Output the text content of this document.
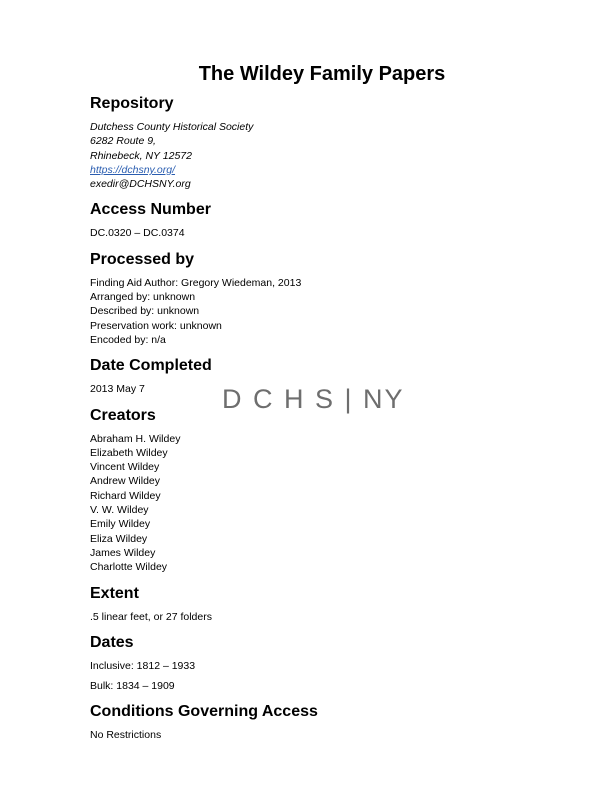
D C H S | NY
The Wildey Family Papers
Repository
Dutchess County Historical Society
6282 Route 9,
Rhinebeck, NY 12572
https://dchsny.org/
exedir@DCHSNY.org
Access Number
DC.0320 – DC.0374
Processed by
Finding Aid Author: Gregory Wiedeman, 2013
Arranged by: unknown
Described by: unknown
Preservation work: unknown
Encoded by: n/a
Date Completed
2013 May 7
Creators
Abraham H. Wildey
Elizabeth Wildey
Vincent Wildey
Andrew Wildey
Richard Wildey
V. W. Wildey
Emily Wildey
Eliza Wildey
James Wildey
Charlotte Wildey
Extent
.5 linear feet, or 27 folders
Dates

Inclusive: 1812 – 1933

Bulk: 1834 – 1909

Conditions Governing Access
No Restrictions
